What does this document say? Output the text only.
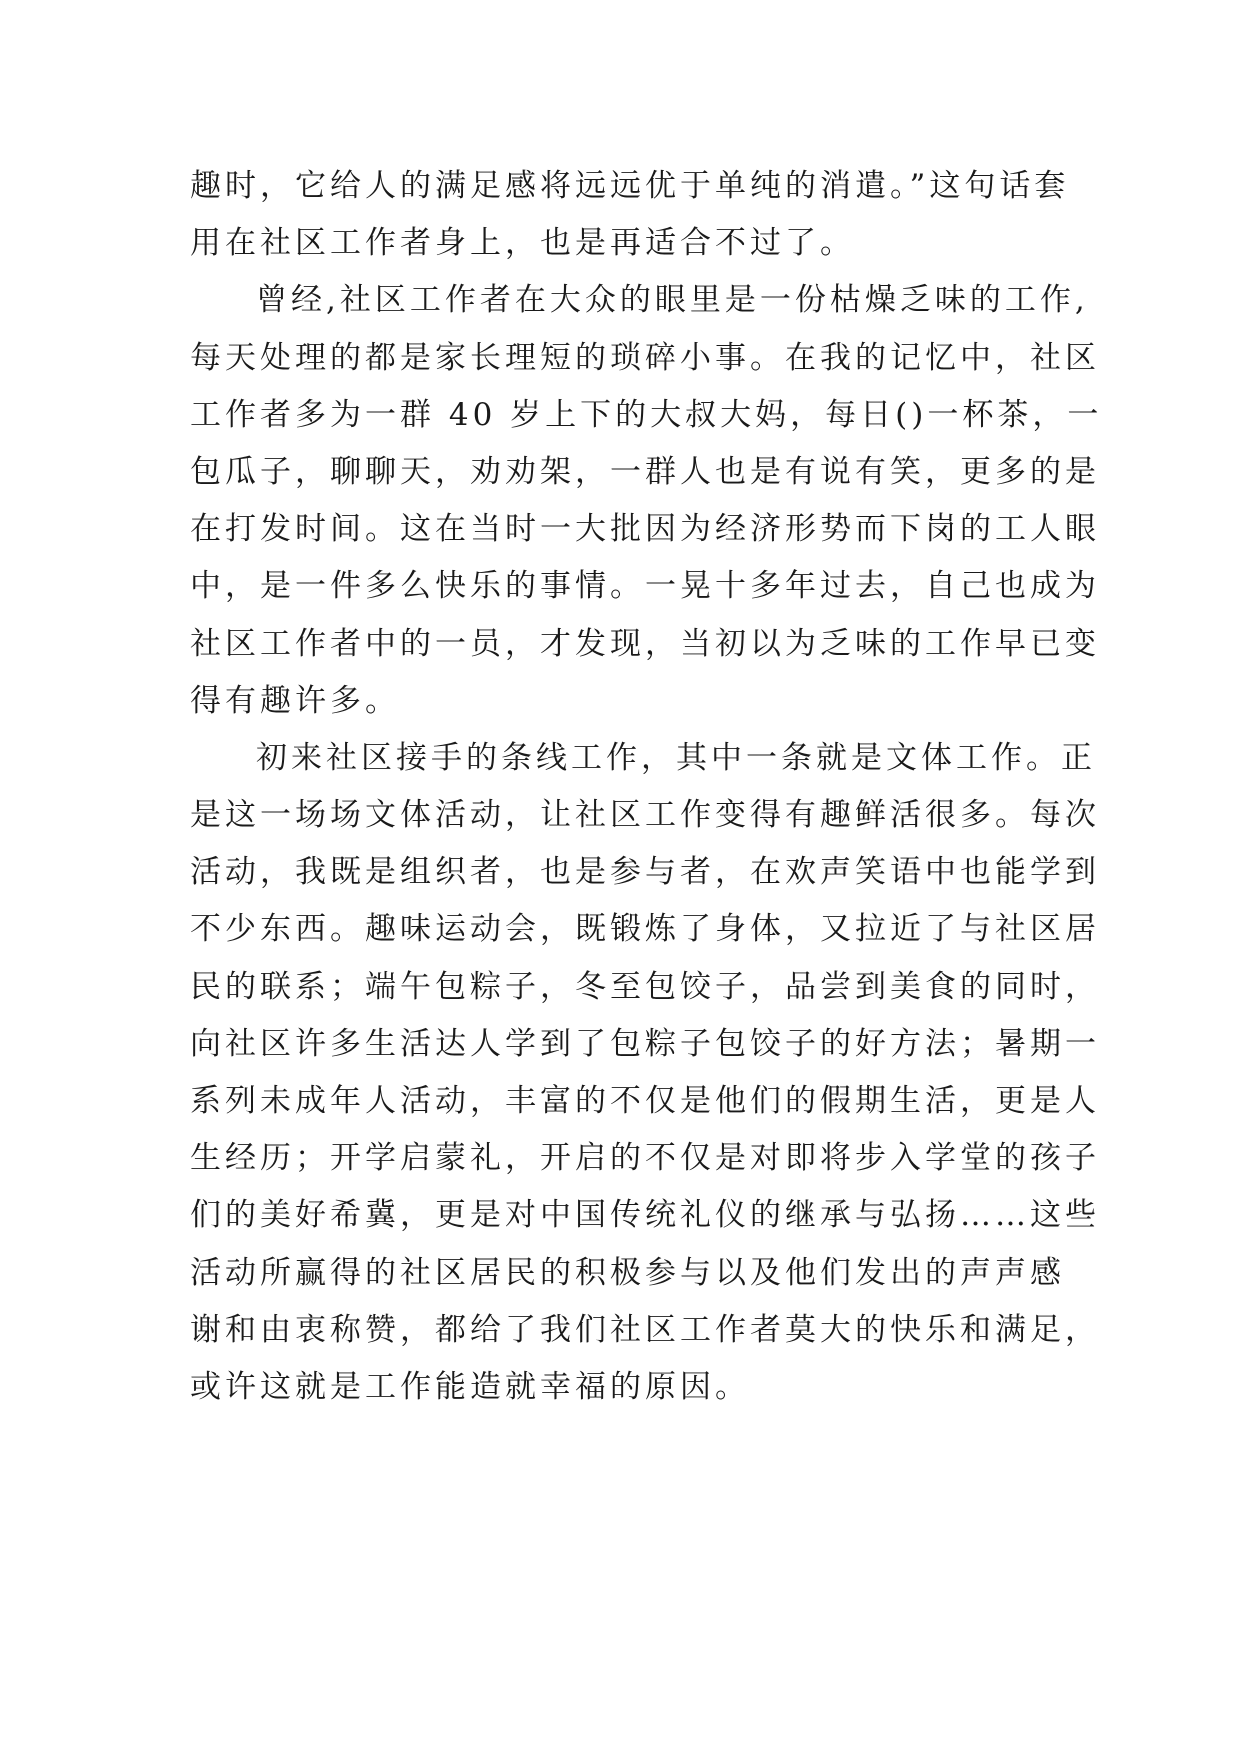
趣时，它给人的满足感将远远优于单纯的消遣。”这句话套
用在社区工作者身上，也是再适合不过了。
曾经,社区工作者在大众的眼里是一份枯燥乏味的工作,
每天处理的都是家长理短的琐碎小事。在我的记忆中，社区
工作者多为一群 40 岁上下的大叔大妈，每日()一杯茶，一
包瓜子，聊聊天，劝劝架，一群人也是有说有笑，更多的是
在打发时间。这在当时一大批因为经济形势而下岗的工人眼
中，是一件多么快乐的事情。一晃十多年过去，自己也成为
社区工作者中的一员，才发现，当初以为乏味的工作早已变
得有趣许多。
初来社区接手的条线工作，其中一条就是文体工作。正
是这一场场文体活动，让社区工作变得有趣鲜活很多。每次
活动，我既是组织者，也是参与者，在欢声笑语中也能学到
不少东西。趣味运动会，既锻炼了身体，又拉近了与社区居
民的联系；端午包粽子，冬至包饺子，品尝到美食的同时，
向社区许多生活达人学到了包粽子包饺子的好方法；暑期一
系列未成年人活动，丰富的不仅是他们的假期生活，更是人
生经历；开学启蒙礼，开启的不仅是对即将步入学堂的孩子
们的美好希冀，更是对中国传统礼仪的继承与弘扬……这些
活动所赢得的社区居民的积极参与以及他们发出的声声感
谢和由衷称赞，都给了我们社区工作者莫大的快乐和满足，
或许这就是工作能造就幸福的原因。
